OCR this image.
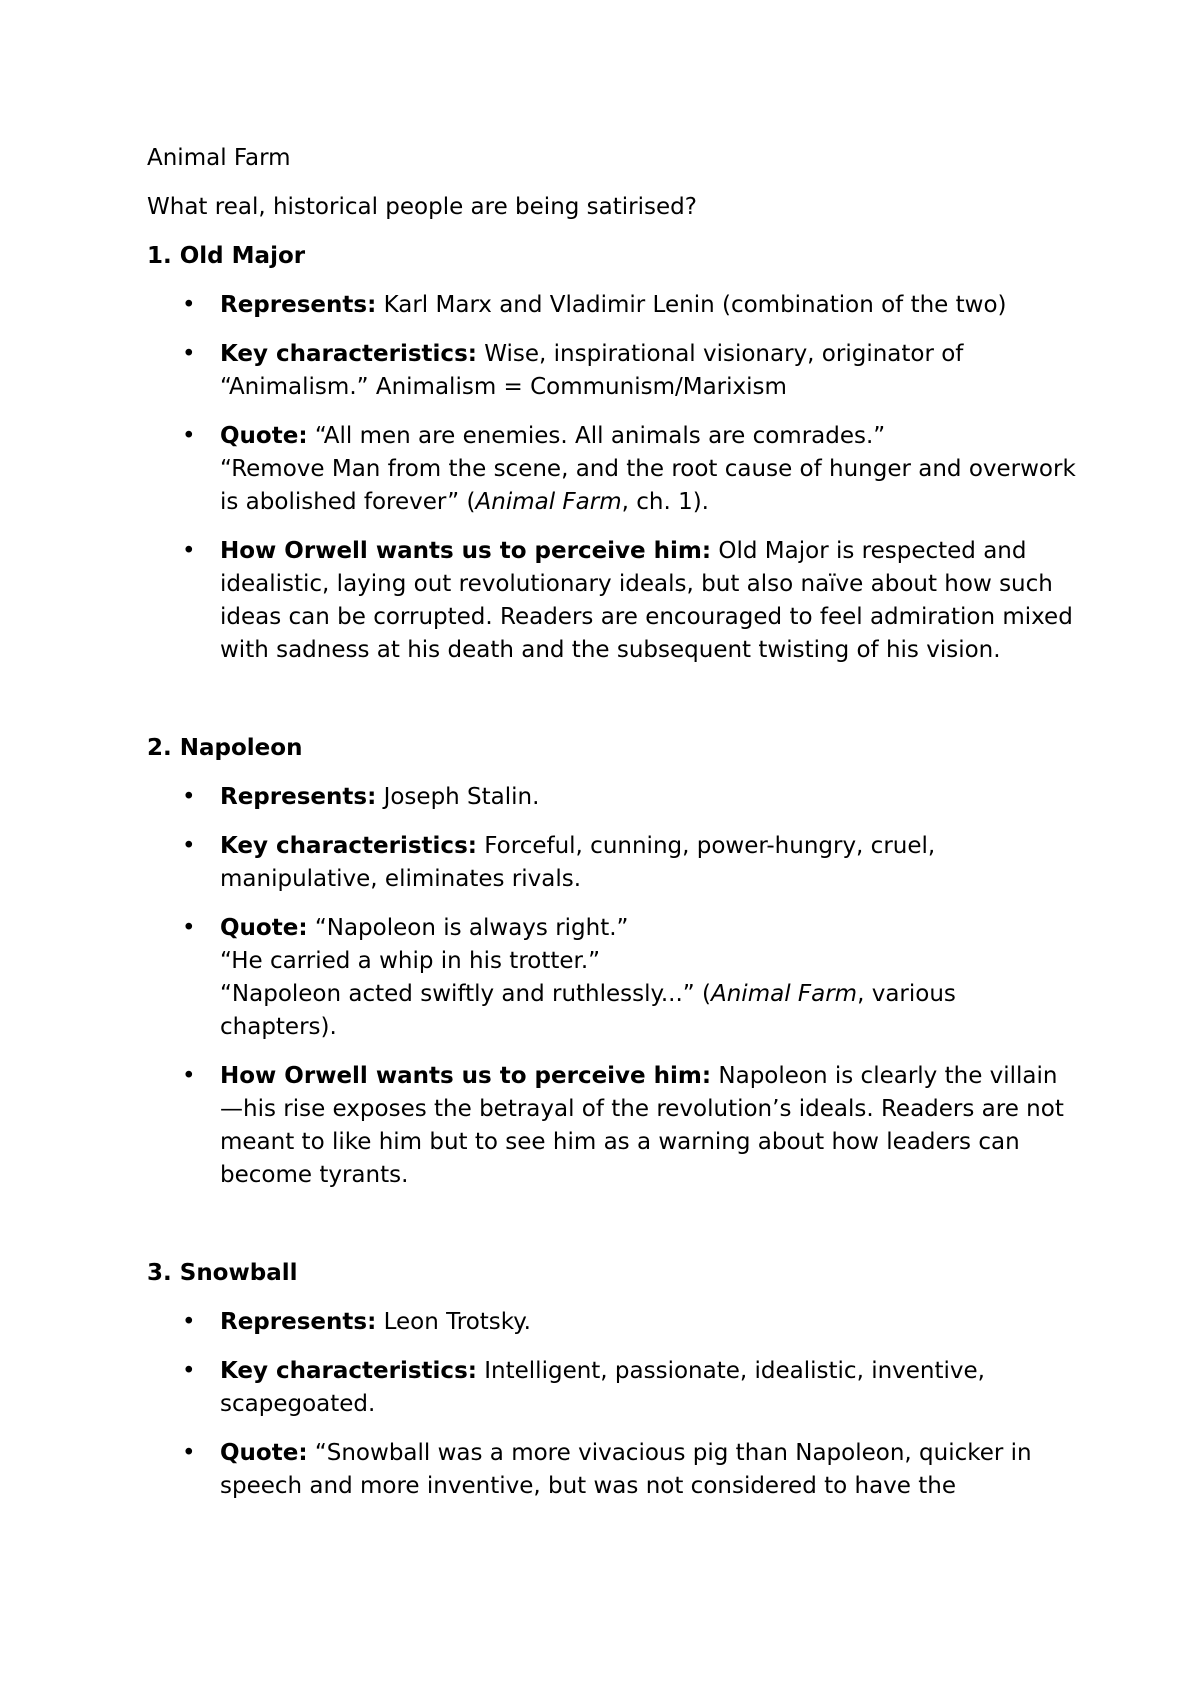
Animal Farm

What real, historical people are being satirised?

1. Old Major

• Represents: Karl Marx and Vladimir Lenin (combination of the two)
• Key characteristics: Wise, inspirational visionary, originator of “Animalism.” Animalism = Communism/Marixism
• Quote: “All men are enemies. All animals are comrades.”
“Remove Man from the scene, and the root cause of hunger and overwork is abolished forever” (Animal Farm, ch. 1).
• How Orwell wants us to perceive him: Old Major is respected and idealistic, laying out revolutionary ideals, but also naïve about how such ideas can be corrupted. Readers are encouraged to feel admiration mixed with sadness at his death and the subsequent twisting of his vision.

2. Napoleon

• Represents: Joseph Stalin.
• Key characteristics: Forceful, cunning, power-hungry, cruel, manipulative, eliminates rivals.
• Quote: “Napoleon is always right.”
“He carried a whip in his trotter.”
“Napoleon acted swiftly and ruthlessly...” (Animal Farm, various chapters).
• How Orwell wants us to perceive him: Napoleon is clearly the villain—his rise exposes the betrayal of the revolution’s ideals. Readers are not meant to like him but to see him as a warning about how leaders can become tyrants.

3. Snowball

• Represents: Leon Trotsky.
• Key characteristics: Intelligent, passionate, idealistic, inventive, scapegoated.
• Quote: “Snowball was a more vivacious pig than Napoleon, quicker in speech and more inventive, but was not considered to have the
